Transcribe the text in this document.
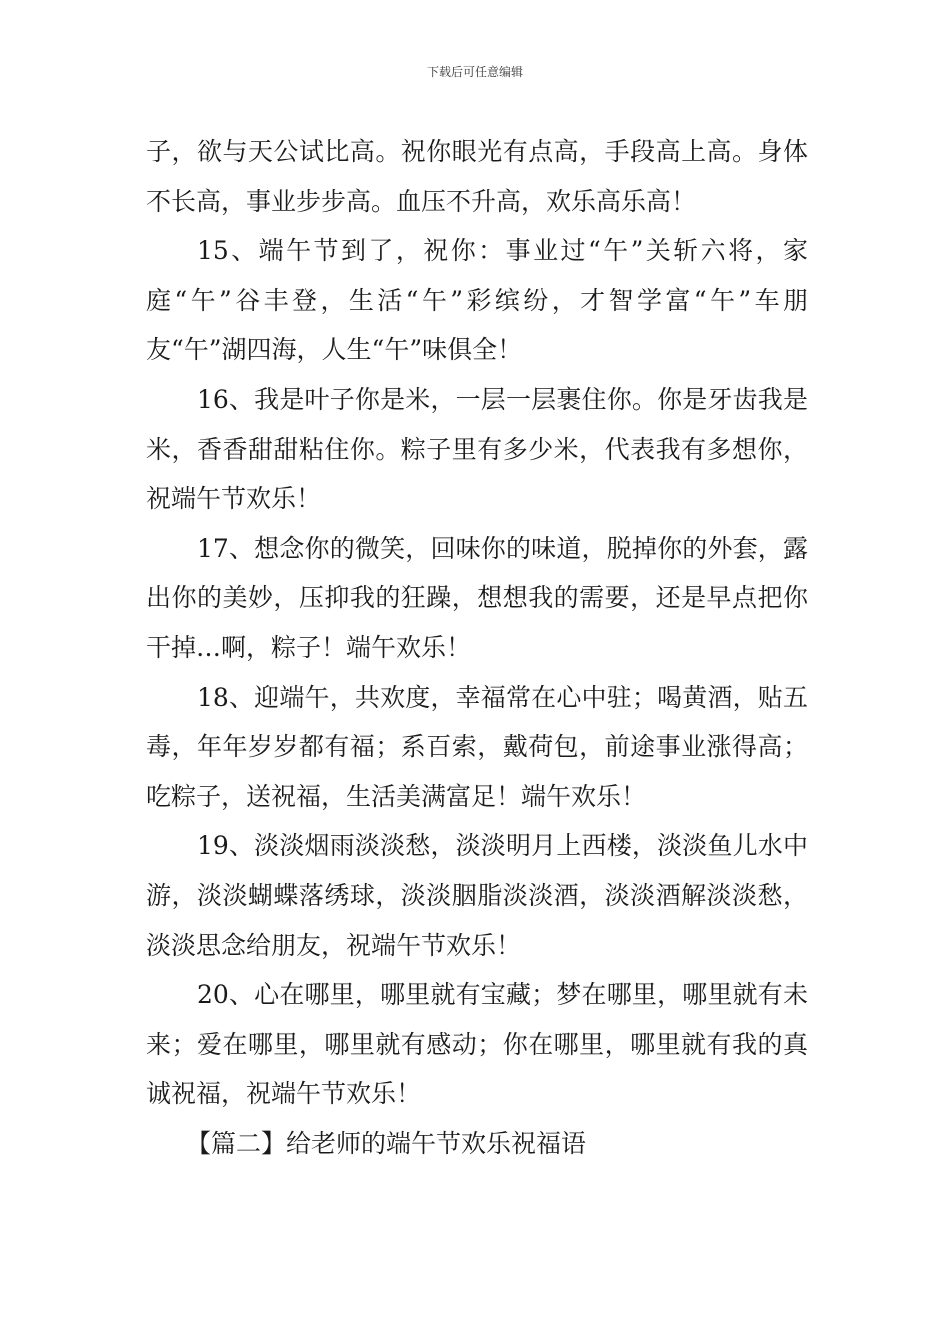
下载后可任意编辑

子，欲与天公试比高。祝你眼光有点高，手段高上高。身体不长高，事业步步高。血压不升高，欢乐高乐高！

15、端午节到了，祝你：事业过“午”关斩六将，家庭“午”谷丰登，生活“午”彩缤纷，才智学富“午”车朋友“午”湖四海，人生“午”味俱全！

16、我是叶子你是米，一层一层裹住你。你是牙齿我是米，香香甜甜粘住你。粽子里有多少米，代表我有多想你，祝端午节欢乐！

17、想念你的微笑，回味你的味道，脱掉你的外套，露出你的美妙，压抑我的狂躁，想想我的需要，还是早点把你干掉…啊，粽子！端午欢乐！

18、迎端午，共欢度，幸福常在心中驻；喝黄酒，贴五毒，年年岁岁都有福；系百索，戴荷包，前途事业涨得高；吃粽子，送祝福，生活美满富足！端午欢乐！

19、淡淡烟雨淡淡愁，淡淡明月上西楼，淡淡鱼儿水中游，淡淡蝴蝶落绣球，淡淡胭脂淡淡酒，淡淡酒解淡淡愁，淡淡思念给朋友，祝端午节欢乐！

20、心在哪里，哪里就有宝藏；梦在哪里，哪里就有未来；爱在哪里，哪里就有感动；你在哪里，哪里就有我的真诚祝福，祝端午节欢乐！

【篇二】给老师的端午节欢乐祝福语
